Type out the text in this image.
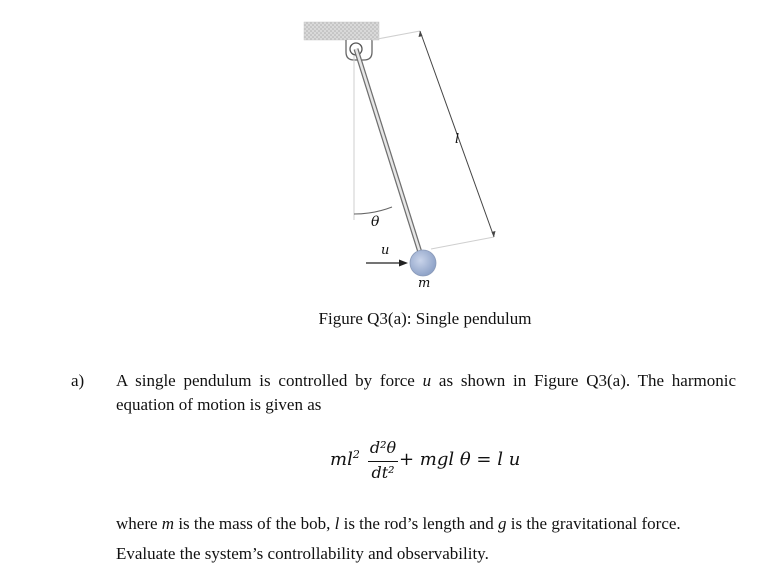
θ
l
u
m
Figure Q3(a): Single pendulum
a) A single pendulum is controlled by force u as shown in Figure Q3(a). The harmonic
equation of motion is given as
$ml^2$ d²θ
dt²
+ mgl θ = l u
where m is the mass of the bob, l is the rod’s length and g is the gravitational force.
Evaluate the system’s controllability and observability.
